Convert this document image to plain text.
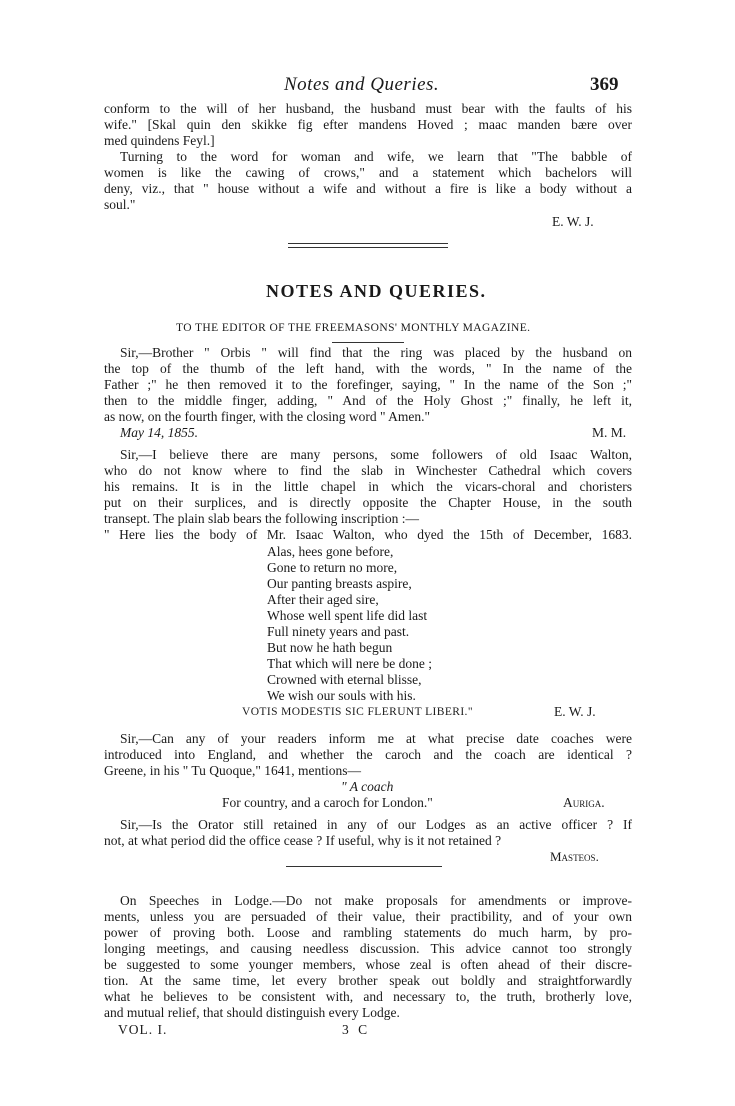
Notes and Queries.	369
conform to the will of her husband, the husband must bear with the faults of his
wife." [Skal quin den skikke fig efter mandens Hoved ; maac manden bære over
med quindens Feyl.]
Turning to the word for woman and wife, we learn that "The babble of
women is like the cawing of crows," and a statement which bachelors will
deny, viz., that " house without a wife and without a fire is like a body without a
soul."
E. W. J.
NOTES AND QUERIES.
TO THE EDITOR OF THE FREEMASONS' MONTHLY MAGAZINE.
Sir,—Brother " Orbis " will find that the ring was placed by the husband on
the top of the thumb of the left hand, with the words, " In the name of the
Father ;" he then removed it to the forefinger, saying, " In the name of the Son ;"
then to the middle finger, adding, " And of the Holy Ghost ;" finally, he left it,
as now, on the fourth finger, with the closing word " Amen."
May 14, 1855.	M. M.
Sir,—I believe there are many persons, some followers of old Isaac Walton,
who do not know where to find the slab in Winchester Cathedral which covers
his remains. It is in the little chapel in which the vicars-choral and choristers
put on their surplices, and is directly opposite the Chapter House, in the south
transept. The plain slab bears the following inscription :—
" Here lies the body of Mr. Isaac Walton, who dyed the 15th of December, 1683.
Alas, hees gone before,
Gone to return no more,
Our panting breasts aspire,
After their aged sire,
Whose well spent life did last
Full ninety years and past.
But now he hath begun
That which will nere be done ;
Crowned with eternal blisse,
We wish our souls with his.
VOTIS MODESTIS SIC FLERUNT LIBERI."	E. W. J.
Sir,—Can any of your readers inform me at what precise date coaches were
introduced into England, and whether the caroch and the coach are identical ?
Greene, in his " Tu Quoque," 1641, mentions—
" A coach
For country, and a caroch for London."	Auriga.
Sir,—Is the Orator still retained in any of our Lodges as an active officer ? If
not, at what period did the office cease ? If useful, why is it not retained ?
Masteos.
On Speeches in Lodge.—Do not make proposals for amendments or improve-
ments, unless you are persuaded of their value, their practibility, and of your own
power of proving both. Loose and rambling statements do much harm, by pro-
longing meetings, and causing needless discussion. This advice cannot too strongly
be suggested to some younger members, whose zeal is often ahead of their discre-
tion. At the same time, let every brother speak out boldly and straightforwardly
what he believes to be consistent with, and necessary to, the truth, brotherly love,
and mutual relief, that should distinguish every Lodge.
VOL. I.	3 C
